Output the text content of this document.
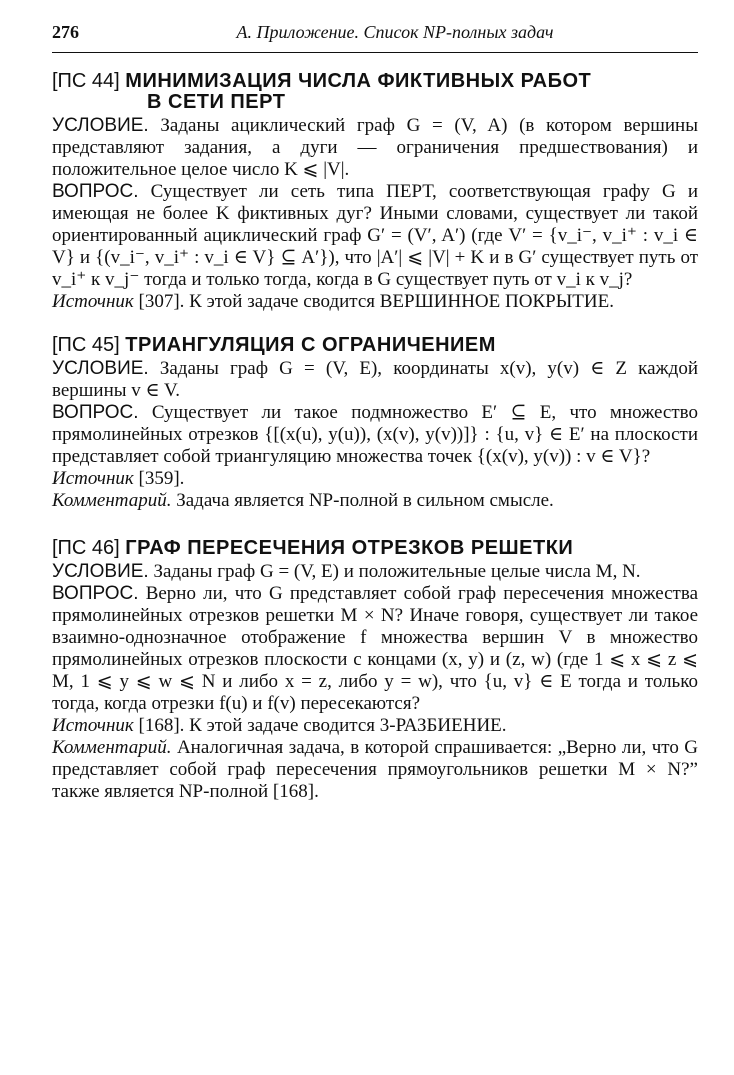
276	А. Приложение. Список NP-полных задач
[ПС 44] МИНИМИЗАЦИЯ ЧИСЛА ФИКТИВНЫХ РАБОТ
В СЕТИ ПЕРТ

УСЛОВИЕ. Заданы ациклический граф G = (V, A) (в котором вершины представляют задания, а дуги — ограничения предшествования) и положительное целое число K ⩽ |V|.

ВОПРОС. Существует ли сеть типа ПЕРТ, соответствующая графу G и имеющая не более K фиктивных дуг? Иными словами, существует ли такой ориентированный ациклический граф G′ = (V′, A′) (где V′ = {v_i⁻, v_i⁺ : v_i ∈ V} и {(v_i⁻, v_i⁺ : v_i ∈ V} ⊆ A′}), что |A′| ⩽ |V| + K и в G′ существует путь от v_i⁺ к v_j⁻ тогда и только тогда, когда в G существует путь от v_i к v_j?

Источник [307]. К этой задаче сводится ВЕРШИННОЕ ПОКРЫТИЕ.

[ПС 45] ТРИАНГУЛЯЦИЯ С ОГРАНИЧЕНИЕМ

УСЛОВИЕ. Заданы граф G = (V, E), координаты x(v), y(v) ∈ Z каждой вершины v ∈ V.

ВОПРОС. Существует ли такое подмножество E′ ⊆ E, что множество прямолинейных отрезков {[(x(u), y(u)), (x(v), y(v))]} : {u, v} ∈ E′ на плоскости представляет собой триангуляцию множества точек {(x(v), y(v)) : v ∈ V}?

Источник [359].

Комментарий. Задача является NP-полной в сильном смысле.

[ПС 46] ГРАФ ПЕРЕСЕЧЕНИЯ ОТРЕЗКОВ РЕШЕТКИ

УСЛОВИЕ. Заданы граф G = (V, E) и положительные целые числа M, N.

ВОПРОС. Верно ли, что G представляет собой граф пересечения множества прямолинейных отрезков решетки M × N? Иначе говоря, существует ли такое взаимно-однозначное отображение f множества вершин V в множество прямолинейных отрезков плоскости с концами (x, y) и (z, w) (где 1 ⩽ x ⩽ z ⩽ M, 1 ⩽ y ⩽ w ⩽ N и либо x = z, либо y = w), что {u, v} ∈ E тогда и только тогда, когда отрезки f(u) и f(v) пересекаются?

Источник [168]. К этой задаче сводится 3-РАЗБИЕНИЕ.

Комментарий. Аналогичная задача, в которой спрашивается: „Верно ли, что G представляет собой граф пересечения прямоугольников решетки M × N?” также является NP-полной [168].
